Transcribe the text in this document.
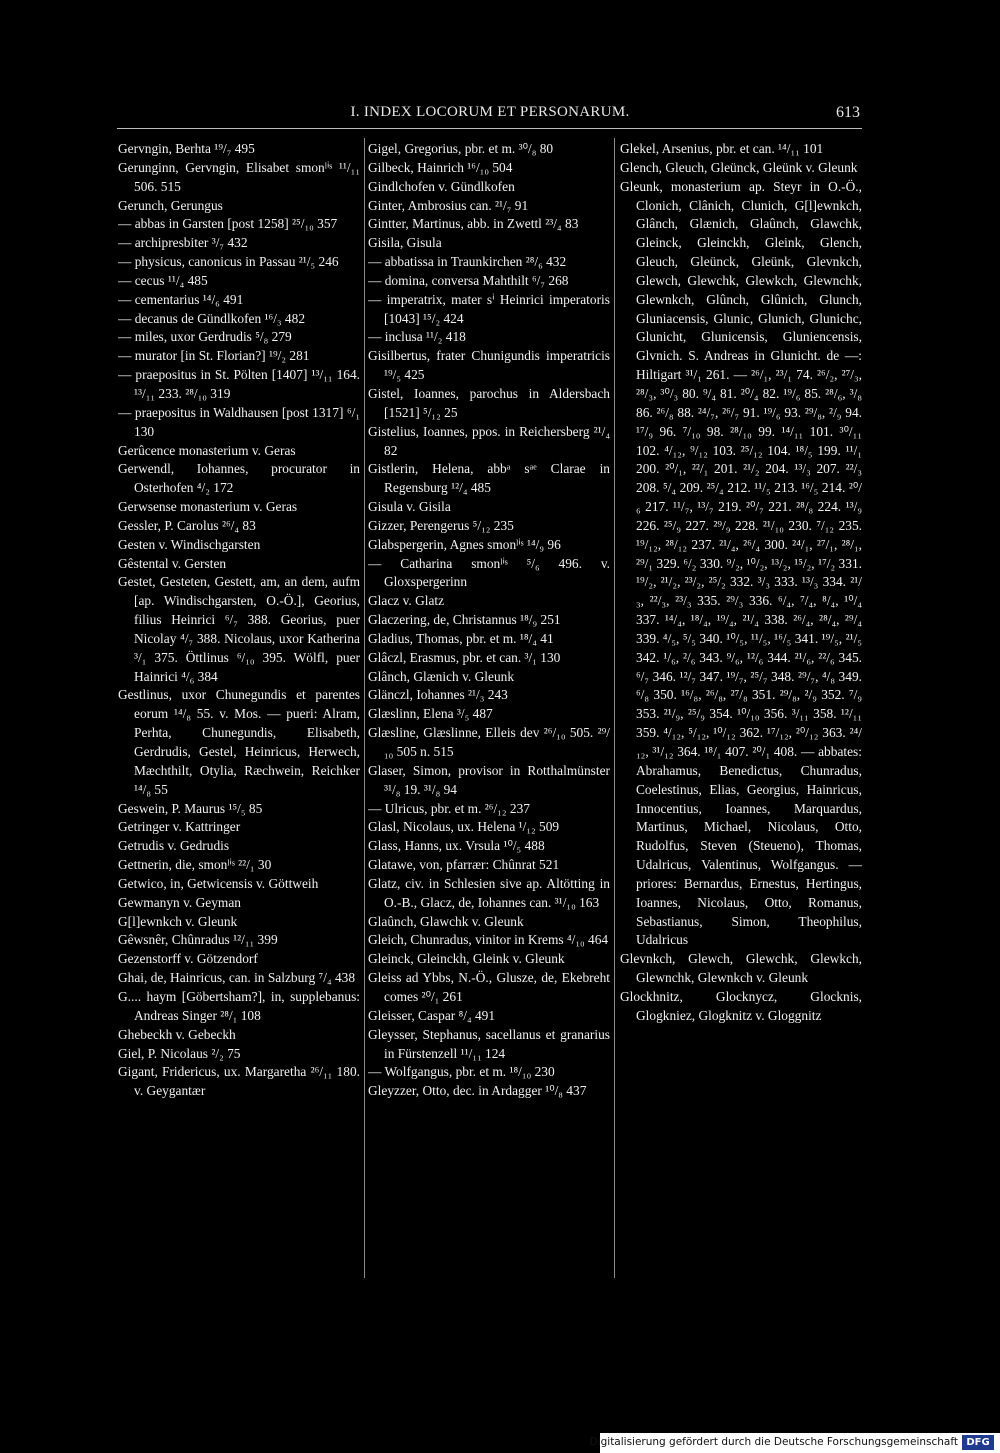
I. INDEX LOCORUM ET PERSONARUM.	613

Gervngin, Berhta ¹⁹/₇ 495

Gerunginn, Gervngin, Elisabet smonˡⁱˢ ¹¹/₁₁ 506. 515

Gerunch, Gerungus

— abbas in Garsten [post 1258] ²⁵/₁₀ 357

— archipresbiter ³/₇ 432

— physicus, canonicus in Passau ²¹/₅ 246

— cecus ¹¹/₄ 485

— cementarius ¹⁴/₆ 491

— decanus de Gündlkofen ¹⁶/₃ 482

— miles, uxor Gerdrudis ⁵/₈ 279

— murator [in St. Florian?] ¹⁹/₂ 281

— praepositus in St. Pölten [1407] ¹³/₁₁ 164. ¹³/₁₁ 233. ²⁸/₁₀ 319

— praepositus in Waldhausen [post 1317] ⁶/₁ 130

Gerûcence monasterium v. Geras

Gerwendl, Iohannes, procurator in Osterhofen ⁴/₂ 172

Gerwsense monasterium v. Geras

Gessler, P. Carolus ²⁶/₄ 83

Gesten v. Windischgarsten

Gêstental v. Gersten

Gestet, Gesteten, Gestett, am, an dem, aufm [ap. Windischgarsten, O.-Ö.], Georius, filius Heinrici ⁶/₇ 388. Georius, puer Nicolay ⁴/₇ 388. Nicolaus, uxor Katherina ³/₁ 375. Öttlinus ⁶/₁₀ 395. Wölfl, puer Hainrici ⁴/₆ 384

Gestlinus, uxor Chunegundis et parentes eorum ¹⁴/₈ 55. v. Mos. — pueri: Alram, Perhta, Chunegundis, Elisabeth, Gerdrudis, Gestel, Heinricus, Herwech, Mæchthilt, Otylia, Ræchwein, Reichker ¹⁴/₈ 55

Geswein, P. Maurus ¹⁵/₅ 85

Getringer v. Kattringer

Getrudis v. Gedrudis

Gettnerin, die, smonˡⁱˢ ²²/₁ 30

Getwico, in, Getwicensis v. Göttweih

Gewmanyn v. Geyman

G[l]ewnkch v. Gleunk

Gêwsnêr, Chûnradus ¹²/₁₁ 399

Gezenstorff v. Götzendorf

Ghai, de, Hainricus, can. in Salzburg ⁷/₄ 438

G.... haym [Göbertsham?], in, supplebanus: Andreas Singer ²⁸/₁ 108

Ghebeckh v. Gebeckh

Giel, P. Nicolaus ²/₂ 75

Gigant, Fridericus, ux. Margaretha ²⁶/₁₁ 180. v. Geygantær

Gigel, Gregorius, pbr. et m. ³⁰/₈ 80

Gilbeck, Hainrich ¹⁶/₁₀ 504

Gindlchofen v. Gündlkofen

Ginter, Ambrosius can. ²¹/₇ 91

Gintter, Martinus, abb. in Zwettl ²³/₄ 83

Gisila, Gisula

— abbatissa in Traunkirchen ²⁸/₆ 432

— domina, conversa Mahthilt ⁶/₇ 268

— imperatrix, mater sⁱ Heinrici imperatoris [1043] ¹⁵/₂ 424

— inclusa ¹¹/₂ 418

Gisilbertus, frater Chunigundis imperatricis ¹⁹/₅ 425

Gistel, Ioannes, parochus in Aldersbach [1521] ⁵/₁₂ 25

Gistelius, Ioannes, ppos. in Reichersberg ²¹/₄ 82

Gistlerin, Helena, abbᵃ sᵃᵉ Clarae in Regensburg ¹²/₄ 485

Gisula v. Gisila

Gizzer, Perengerus ⁵/₁₂ 235

Glabspergerin, Agnes smonˡⁱˢ ¹⁴/₉ 96

— Catharina smonˡⁱˢ ⁵/₆ 496. v. Gloxspergerinn

Glacz v. Glatz

Glaczering, de, Christannus ¹⁸/₉ 251

Gladius, Thomas, pbr. et m. ¹⁸/₄ 41

Glâczl, Erasmus, pbr. et can. ³/₁ 130

Glânch, Glænich v. Gleunk

Glänczl, Iohannes ²¹/₃ 243

Glæslinn, Elena ³/₅ 487

Glæsline, Glæslinne, Elleis dev ²⁶/₁₀ 505. ²⁹/₁₀ 505 n. 515

Glaser, Simon, provisor in Rotthalmünster ³¹/₈ 19. ³¹/₈ 94

— Ulricus, pbr. et m. ²⁶/₁₂ 237

Glasl, Nicolaus, ux. Helena ¹/₁₂ 509

Glass, Hanns, ux. Vrsula ¹⁰/₅ 488

Glatawe, von, pfarrær: Chûnrat 521

Glatz, civ. in Schlesien sive ap. Altötting in O.-B., Glacz, de, Iohannes can. ³¹/₁₀ 163

Glaûnch, Glawchk v. Gleunk

Gleich, Chunradus, vinitor in Krems ⁴/₁₀ 464

Gleinck, Gleinckh, Gleink v. Gleunk

Gleiss ad Ybbs, N.-Ö., Glusze, de, Ekebreht comes ²⁰/₁ 261

Gleisser, Caspar ⁸/₄ 491

Gleysser, Stephanus, sacellanus et granarius in Fürstenzell ¹¹/₁₁ 124

— Wolfgangus, pbr. et m. ¹⁸/₁₀ 230

Gleyzzer, Otto, dec. in Ardagger ¹⁰/₈ 437

Glekel, Arsenius, pbr. et can. ¹⁴/₁₁ 101

Glench, Gleuch, Gleünck, Gleünk v. Gleunk

Gleunk, monasterium ap. Steyr in O.-Ö., Clonich, Clânich, Clunich, G[l]ewnkch, Glânch, Glænich, Glaûnch, Glawchk, Gleinck, Gleinckh, Gleink, Glench, Gleuch, Gleünck, Gleünk, Glevnkch, Glewch, Glewchk, Glewkch, Glewnchk, Glewnkch, Glûnch, Glûnich, Glunch, Gluniacensis, Glunic, Glunich, Glunichc, Glunicht, Glunicensis, Gluniencensis, Glvnich. S. Andreas in Glunicht. de —: Hiltigart ³¹/₁ 261. — ²⁶/₁, ²³/₁ 74. ²⁶/₂, ²⁷/₃, ²⁸/₃, ³⁰/₃ 80. ⁹/₄ 81. ²⁰/₄ 82. ¹⁹/₆ 85. ²⁸/₆, ³/₈ 86. ²⁶/₈ 88. ²⁴/₇, ²⁶/₇ 91. ¹⁹/₆ 93. ²⁹/₈, ²/₉ 94. ¹⁷/₉ 96. ⁷/₁₀ 98. ²⁸/₁₀ 99. ¹⁴/₁₁ 101. ³⁰/₁₁ 102. ⁴/₁₂, ⁹/₁₂ 103. ²⁵/₁₂ 104. ¹⁸/₅ 199. ¹¹/₁ 200. ²⁰/₁, ²²/₁ 201. ²¹/₂ 204. ¹³/₃ 207. ²²/₃ 208. ⁵/₄ 209. ²⁵/₄ 212. ¹¹/₅ 213. ¹⁶/₅ 214. ²⁰/₆ 217. ¹¹/₇, ¹³/₇ 219. ²⁰/₇ 221. ²⁸/₈ 224. ¹³/₉ 226. ²⁵/₉ 227. ²⁹/₉ 228. ²¹/₁₀ 230. ⁷/₁₂ 235. ¹⁹/₁₂, ²⁸/₁₂ 237. ²¹/₄, ²⁶/₄ 300. ²⁴/₁, ²⁷/₁, ²⁸/₁, ²⁹/₁ 329. ⁶/₂ 330. ⁹/₂, ¹⁰/₂, ¹³/₂, ¹⁵/₂, ¹⁷/₂ 331. ¹⁹/₂, ²¹/₂, ²³/₂, ²⁵/₂ 332. ³/₃ 333. ¹³/₃ 334. ²¹/₃, ²²/₃, ²³/₃ 335. ²⁹/₃ 336. ⁶/₄, ⁷/₄, ⁸/₄, ¹⁰/₄ 337. ¹⁴/₄, ¹⁸/₄, ¹⁹/₄, ²¹/₄ 338. ²⁶/₄, ²⁸/₄, ²⁹/₄ 339. ⁴/₅, ⁵/₅ 340. ¹⁰/₅, ¹¹/₅, ¹⁶/₅ 341. ¹⁹/₅, ²¹/₅ 342. ¹/₆, ²/₆ 343. ⁹/₆, ¹²/₆ 344. ²¹/₆, ²²/₆ 345. ⁶/₇ 346. ¹²/₇ 347. ¹⁹/₇, ²⁵/₇ 348. ²⁹/₇, ⁴/₈ 349. ⁶/₈ 350. ¹⁶/₈, ²⁶/₈, ²⁷/₈ 351. ²⁹/₈, ²/₉ 352. ⁷/₉ 353. ²¹/₉, ²⁵/₉ 354. ¹⁰/₁₀ 356. ³/₁₁ 358. ¹²/₁₁ 359. ⁴/₁₂, ⁵/₁₂, ¹⁰/₁₂ 362. ¹⁷/₁₂, ²⁰/₁₂ 363. ²⁴/₁₂, ³¹/₁₂ 364. ¹⁸/₁ 407. ²⁰/₁ 408. — abbates: Abrahamus, Benedictus, Chunradus, Coelestinus, Elias, Georgius, Hainricus, Innocentius, Ioannes, Marquardus, Martinus, Michael, Nicolaus, Otto, Rudolfus, Steven (Steueno), Thomas, Udalricus, Valentinus, Wolfgangus. — priores: Bernardus, Ernestus, Hertingus, Ioannes, Nicolaus, Otto, Romanus, Sebastianus, Simon, Theophilus, Udalricus

Glevnkch, Glewch, Glewchk, Glewkch, Glewnchk, Glewnkch v. Gleunk

Glockhnitz, Glocknycz, Glocknis, Glogkniez, Glogknitz v. Gloggnitz

Digitalisierung gefördert durch die Deutsche Forschungsgemeinschaft DFG
